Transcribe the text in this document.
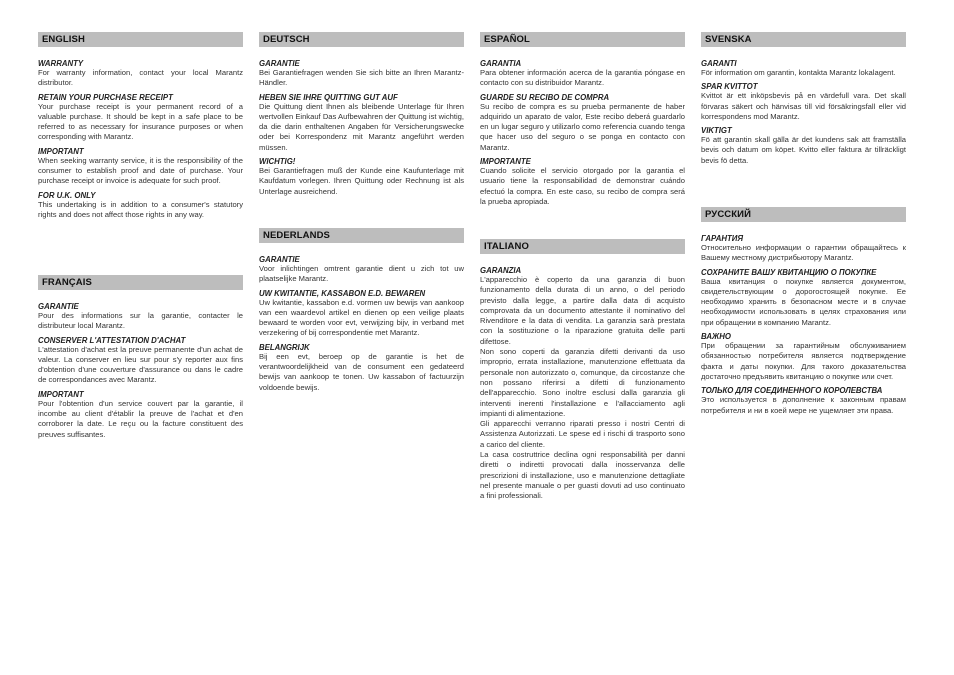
ENGLISH
WARRANTY
For warranty information, contact your local Marantz distributor.
RETAIN YOUR PURCHASE RECEIPT
Your purchase receipt is your permanent record of a valuable purchase. It should be kept in a safe place to be referred to as necessary for insurance purposes or when corresponding with Marantz.
IMPORTANT
When seeking warranty service, it is the responsibility of the consumer to establish proof and date of purchase. Your purchase receipt or invoice is adequate for such proof.
FOR U.K. ONLY
This undertaking is in addition to a consumer's statutory rights and does not affect those rights in any way.
FRANÇAIS
GARANTIE
Pour des informations sur la garantie, contacter le distributeur local Marantz.
CONSERVER L'ATTESTATION D'ACHAT
L'attestation d'achat est la preuve permanente d'un achat de valeur. La conserver en lieu sur pour s'y reporter aux fins d'obtention d'une couverture d'assurance ou dans le cadre de correspondances avec Marantz.
IMPORTANT
Pour l'obtention d'un service couvert par la garantie, il incombe au client d'établir la preuve de l'achat et d'en corroborer la date. Le reçu ou la facture constituent des preuves suffisantes.
DEUTSCH
GARANTIE
Bei Garantiefragen wenden Sie sich bitte an Ihren Marantz-Händler.
HEBEN SIE IHRE QUITTING GUT AUF
Die Quittung dient Ihnen als bleibende Unterlage für Ihren wertvollen Einkauf Das Aufbewahren der Quittung ist wichtig, da die darin enthaltenen Angaben für Versicherungswecke oder bei Korrespondenz mit Marantz angeführt werden müssen.
WICHTIG!
Bei Garantiefragen muß der Kunde eine Kaufunterlage mit Kaufdatum vorlegen. Ihren Quittung oder Rechnung ist als Unterlage ausreichend.
NEDERLANDS
GARANTIE
Voor inlichtingen omtrent garantie dient u zich tot uw plaatselijke Marantz.
UW KWITANTIE, KASSABON E.D. BEWAREN
Uw kwitantie, kassabon e.d. vormen uw bewijs van aankoop van een waardevol artikel en dienen op een veilige plaats bewaard te worden voor evt, verwijzing bijv, in verband met verzekering of bij correspondentie met Marantz.
BELANGRIJK
Bij een evt, beroep op de garantie is het de verantwoordelijkheid van de consument een gedateerd bewijs van aankoop te tonen. Uw kassabon of factuurzijn voldoende bewijs.
ESPAÑOL
GARANTIA
Para obtener información acerca de la garantia póngase en contacto con su distribuidor Marantz.
GUARDE SU RECIBO DE COMPRA
Su recibo de compra es su prueba permanente de haber adquirido un aparato de valor, Este recibo deberá guardarlo en un lugar seguro y utilizarlo como referencia cuando tenga que hacer uso del seguro o se ponga en contacto con Marantz.
IMPORTANTE
Cuando solicite el servicio otorgado por la garantia el usuario tiene la responsabilidad de demonstrar cuándo efectuó la compra. En este caso, su recibo de compra será la prueba apropiada.
ITALIANO
GARANZIA
L'apparecchio è coperto da una garanzia di buon funzionamento della durata di un anno, o del periodo previsto dalla legge, a partire dalla data di acquisto comprovata da un documento attestante il nominativo del Rivenditore e la data di vendita. La garanzia sarà prestata con la sostituzione o la riparazione gratuita delle parti difettose.
Non sono coperti da garanzia difetti derivanti da uso improprio, errata installazione, manutenzione effettuata da personale non autorizzato o, comunque, da circostanze che non possano riferirsi a difetti di funzionamento dell'apparecchio. Sono inoltre esclusi dalla garanzia gli interventi inerenti l'installazione e l'allacciamento agli impianti di alimentazione.
Gli apparecchi verranno riparati presso i nostri Centri di Assistenza Autorizzati. Le spese ed i rischi di trasporto sono a carico del cliente.
La casa costruttrice declina ogni responsabilità per danni diretti o indiretti provocati dalla inosservanza delle prescrizioni di installazione, uso e manutenzione dettagliate nel presente manuale o per guasti dovuti ad uso continuato a fini professionali.
SVENSKA
GARANTI
För information om garantin, kontakta Marantz lokalagent.
SPAR KVITTOT
Kvittot är ett inköpsbevis på en värdefull vara. Det skall förvaras säkert och hänvisas till vid försäkringsfall eller vid korrespondens mod Marantz.
VIKTIGT
Fö att garantin skall gälla är det kundens sak att framställa bevis och datum om köpet. Kvitto eller faktura är tillräckligt bevis fö detta.
РУССКИЙ
ГАРАНТИЯ
Относительно информации о гарантии обращайтесь к Вашему местному дистрибьютору Marantz.
СОХРАНИТЕ ВАШУ КВИТАНЦИЮ О ПОКУПКЕ
Ваша квитанция о покупке является документом, свидетельствующим о дорогостоящей покупке. Ее необходимо хранить в безопасном месте и в случае необходимости использовать в целях страхования или при обращении в компанию Marantz.
ВАЖНО
При обращении за гарантийным обслуживанием обязанностью потребителя является подтверждение факта и даты покупки. Для такого доказательства достаточно предъявить квитанцию о покупке или счет.
ТОЛЬКО ДЛЯ СОЕДИНЕННОГО КОРОЛЕВСТВА
Это используется в дополнение к законным правам потребителя и ни в коей мере не ущемляет эти права.
